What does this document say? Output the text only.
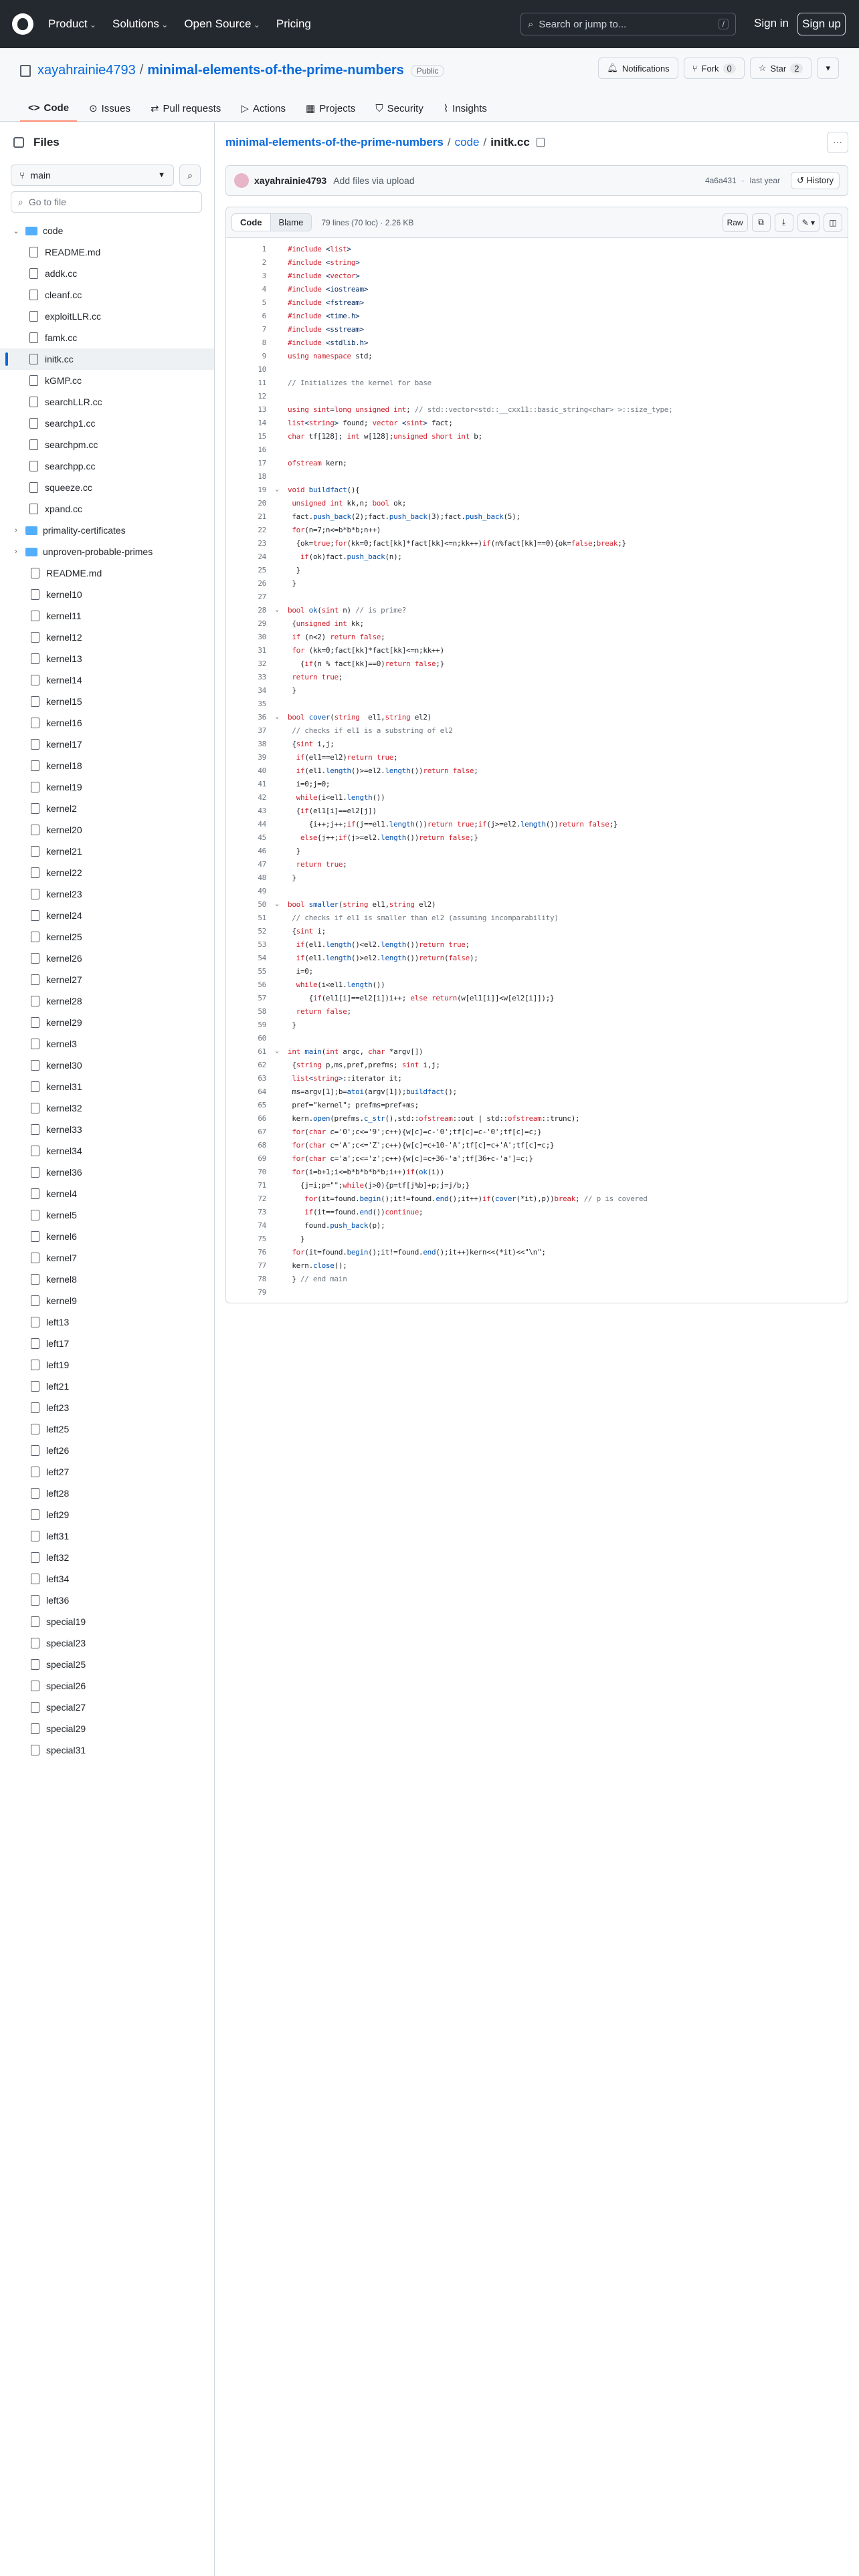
Product ⌄	Solutions ⌄	Open Source ⌄	Pricing	⌕ Search or jump to...	/	Sign in	Sign up
xayahrainie4793 / minimal-elements-of-the-prime-numbers	Public	🔔︎ Notifications	⑂ Fork 0	☆ Star 2	▾
<> Code ⊙ Issues ⇄ Pull requests ▷ Actions ▦ Projects ⛉ Security ⌇ Insights
Files
⑂ main	▼	⌕
⌕ Go to file
⌄	code
README.md
addk.cc
cleanf.cc
exploitLLR.cc
famk.cc
initk.cc
kGMP.cc
searchLLR.cc
searchp1.cc
searchpm.cc
searchpp.cc
squeeze.cc
xpand.cc
›	primality-certificates
›	unproven-probable-primes
README.md
kernel10
kernel11
kernel12
kernel13
kernel14
kernel15
kernel16
kernel17
kernel18
kernel19
kernel2
kernel20
kernel21
kernel22
kernel23
kernel24
kernel25
kernel26
kernel27
kernel28
kernel29
kernel3
kernel30
kernel31
kernel32
kernel33
kernel34
kernel36
kernel4
kernel5
kernel6
kernel7
kernel8
kernel9
left13
left17
left19
left21
left23
left25
left26
left27
left28
left29
left31
left32
left34
left36
special19
special23
special25
special26
special27
special29
special31
minimal-elements-of-the-prime-numbers / code / initk.cc	···
xayahrainie4793 Add files via upload	4a6a431 · last year	↺ History
Code	Blame	79 lines (70 loc) · 2.26 KB	Raw	⧉	⤓	✎ ▾	◫
1	#include <list>
2	#include <string>
3	#include <vector>
4	#include <iostream>
5	#include <fstream>
6	#include <time.h>
7	#include <sstream>
8	#include <stdlib.h>
9	using namespace std;
10
11	// Initializes the kernel for base
12
13	using sint=long unsigned int; // std::vector<std::__cxx11::basic_string<char> >::size_type;
14	list<string> found; vector <sint> fact;
15	char tf[128]; int w[128];unsigned short int b;
16
17	ofstream kern;
18
19	⌄	void buildfact(){
20	unsigned int kk,n; bool ok;
21	fact.push_back(2);fact.push_back(3);fact.push_back(5);
22	for(n=7;n<=b*b*b;n++)
23	{ok=true;for(kk=0;fact[kk]*fact[kk]<=n;kk++)if(n%fact[kk]==0){ok=false;break;}
24	if(ok)fact.push_back(n);
25	}
26	}
27
28	⌄	bool ok(sint n) // is prime?
29	{unsigned int kk;
30	if (n<2) return false;
31	for (kk=0;fact[kk]*fact[kk]<=n;kk++)
32	{if(n % fact[kk]==0)return false;}
33	return true;
34	}
35
36	⌄	bool cover(string  el1,string el2)
37	// checks if el1 is a substring of el2
38	{sint i,j;
39	if(el1==el2)return true;
40	if(el1.length()>=el2.length())return false;
41	i=0;j=0;
42	while(i<el1.length())
43	{if(el1[i]==el2[j])
44	{i++;j++;if(j==el1.length())return true;if(j>=el2.length())return false;}
45	else{j++;if(j>=el2.length())return false;}
46	}
47	return true;
48	}
49
50	⌄	bool smaller(string el1,string el2)
51	// checks if el1 is smaller than el2 (assuming incomparability)
52	{sint i;
53	if(el1.length()<el2.length())return true;
54	if(el1.length()>el2.length())return(false);
55	i=0;
56	while(i<el1.length())
57	{if(el1[i]==el2[i])i++; else return(w[el1[i]]<w[el2[i]]);}
58	return false;
59	}
60
61	⌄	int main(int argc, char *argv[])
62	{string p,ms,pref,prefms; sint i,j;
63	list<string>::iterator it;
64	ms=argv[1];b=atoi(argv[1]);buildfact();
65	pref="kernel"; prefms=pref+ms;
66	kern.open(prefms.c_str(),std::ofstream::out | std::ofstream::trunc);
67	for(char c='0';c<='9';c++){w[c]=c-'0';tf[c]=c-'0';tf[c]=c;}
68	for(char c='A';c<='Z';c++){w[c]=c+10-'A';tf[c]=c+'A';tf[c]=c;}
69	for(char c='a';c<='z';c++){w[c]=c+36-'a';tf[36+c-'a']=c;}
70	for(i=b+1;i<=b*b*b*b*b;i++)if(ok(i))
71	{j=i;p="";while(j>0){p=tf[j%b]+p;j=j/b;}
72	for(it=found.begin();it!=found.end();it++)if(cover(*it),p))break; // p is covered
73	if(it==found.end())continue;
74	found.push_back(p);
75	}
76	for(it=found.begin();it!=found.end();it++)kern<<(*it)<<"\n";
77	kern.close();
78	} // end main
79
